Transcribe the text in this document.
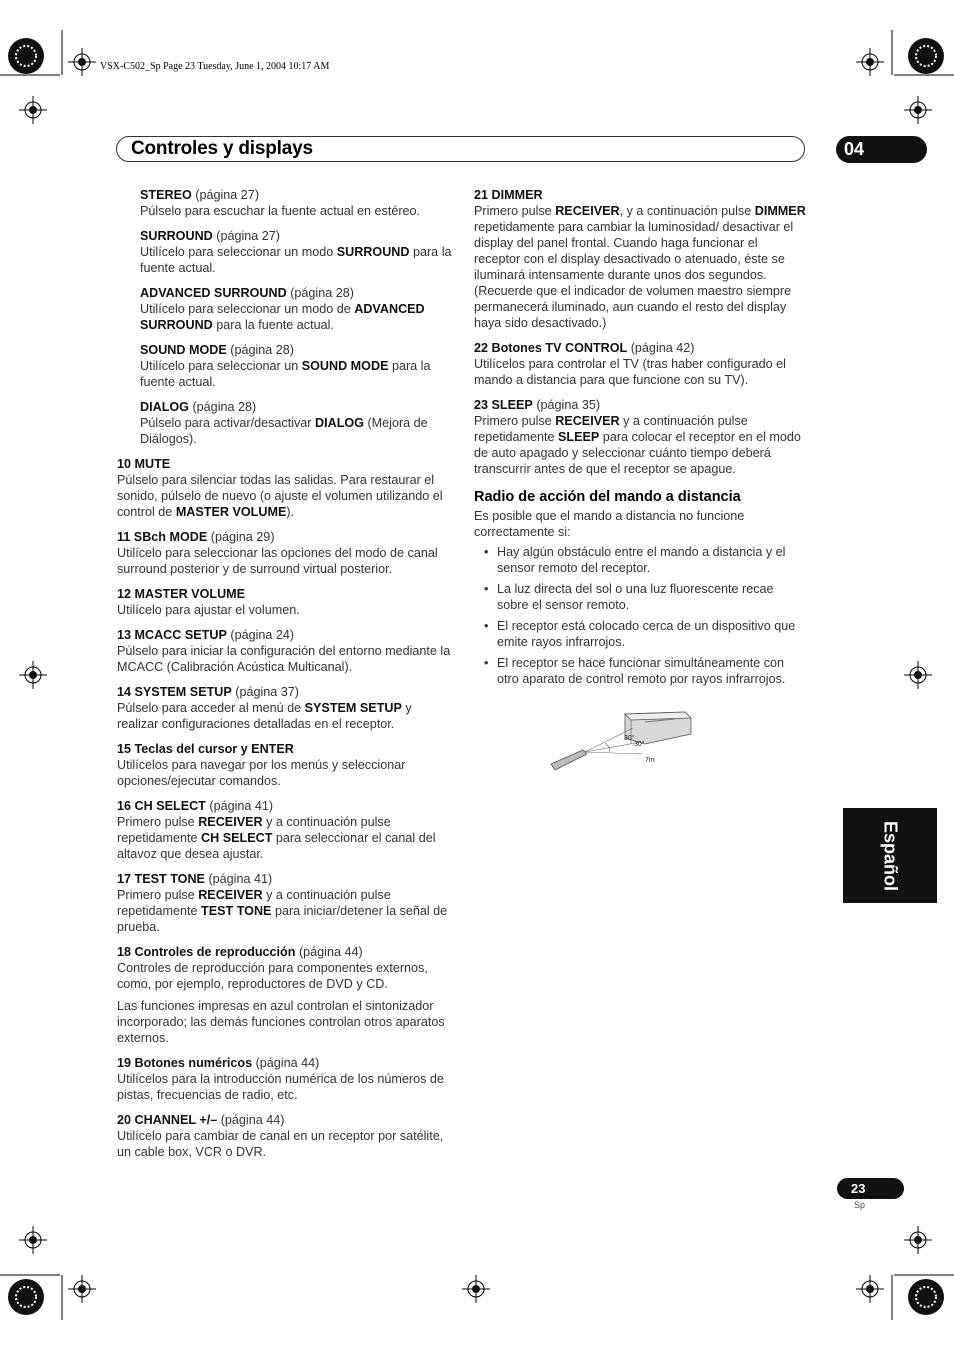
VSX-C502_Sp Page 23 Tuesday, June 1, 2004 10:17 AM
Controles y displays	04

STEREO (página 27)

Púlselo para escuchar la fuente actual en estéreo.

SURROUND (página 27)

Utilícelo para seleccionar un modo SURROUND para la fuente actual.

ADVANCED SURROUND (página 28)

Utilícelo para seleccionar un modo de ADVANCED SURROUND para la fuente actual.

SOUND MODE (página 28)

Utilícelo para seleccionar un SOUND MODE para la fuente actual.

DIALOG (página 28)

Púlselo para activar/desactivar DIALOG (Mejora de Diálogos).

10 MUTE

Púlselo para silenciar todas las salidas. Para restaurar el sonido, púlselo de nuevo (o ajuste el volumen utilizando el control de MASTER VOLUME).

11 SBch MODE (página 29)

Utilícelo para seleccionar las opciones del modo de canal surround posterior y de surround virtual posterior.

12 MASTER VOLUME

Utilícelo para ajustar el volumen.

13 MCACC SETUP (página 24)

Púlselo para iniciar la configuración del entorno mediante la MCACC (Calibración Acústica Multicanal).

14 SYSTEM SETUP (página 37)

Púlselo para acceder al menú de SYSTEM SETUP y realizar configuraciones detalladas en el receptor.

15 Teclas del cursor y ENTER

Utilícelos para navegar por los menús y seleccionar opciones/ejecutar comandos.

16 CH SELECT (página 41)

Primero pulse RECEIVER y a continuación pulse repetidamente CH SELECT para seleccionar el canal del altavoz que desea ajustar.

17 TEST TONE (página 41)

Primero pulse RECEIVER y a continuación pulse repetidamente TEST TONE para iniciar/detener la señal de prueba.

18 Controles de reproducción (página 44)

Controles de reproducción para componentes externos, como, por ejemplo, reproductores de DVD y CD.

Las funciones impresas en azul controlan el sintonizador incorporado; las demás funciones controlan otros aparatos externos.

19 Botones numéricos (página 44)

Utilícelos para la introducción numérica de los números de pistas, frecuencias de radio, etc.

20 CHANNEL +/– (página 44)

Utilícelo para cambiar de canal en un receptor por satélite, un cable box, VCR o DVR.

21 DIMMER

Primero pulse RECEIVER, y a continuación pulse DIMMER repetidamente para cambiar la luminosidad/ desactivar el display del panel frontal. Cuando haga funcionar el receptor con el display desactivado o atenuado, éste se iluminará intensamente durante unos dos segundos. (Recuerde que el indicador de volumen maestro siempre permanecerá iluminado, aun cuando el resto del display haya sido desactivado.)

22 Botones TV CONTROL (página 42)

Utilícelos para controlar el TV (tras haber configurado el mando a distancia para que funcione con su TV).

23 SLEEP (página 35)

Primero pulse RECEIVER y a continuación pulse repetidamente SLEEP para colocar el receptor en el modo de auto apagado y seleccionar cuánto tiempo deberá transcurrir antes de que el receptor se apague.

Radio de acción del mando a distancia

Es posible que el mando a distancia no funcione correctamente si:

• Hay algún obstáculo entre el mando a distancia y el sensor remoto del receptor.
• La luz directa del sol o una luz fluorescente recae sobre el sensor remoto.
• El receptor está colocado cerca de un dispositivo que emite rayos infrarrojos.
• El receptor se hace funcionar simultáneamente con otro aparato de control remoto por rayos infrarrojos.
30°
30°
7m
Español
23
Sp
